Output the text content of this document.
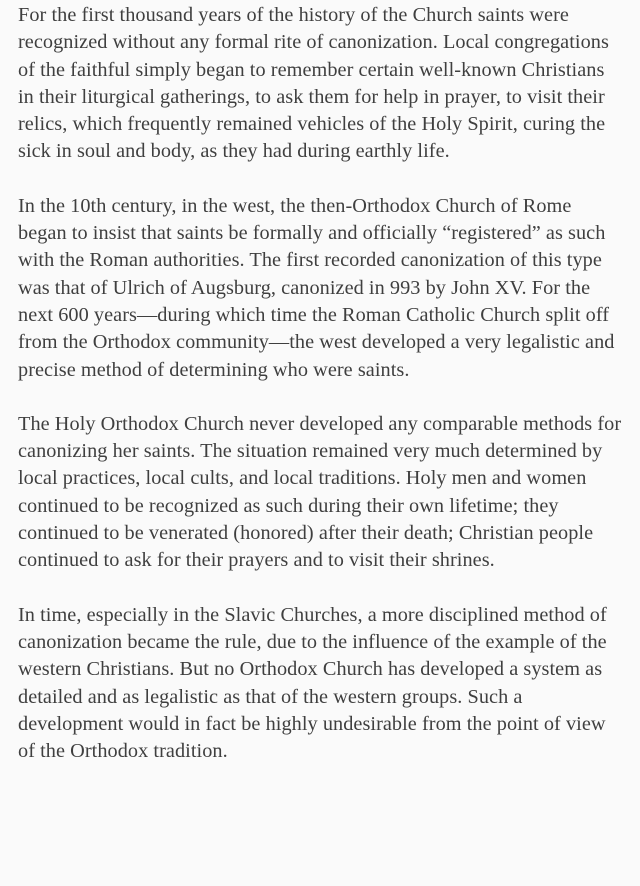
For the first thousand years of the history of the Church saints were recognized without any formal rite of canonization. Local congregations of the faithful simply began to remember certain well-known Christians in their liturgical gatherings, to ask them for help in prayer, to visit their relics, which frequently remained vehicles of the Holy Spirit, curing the sick in soul and body, as they had during earthly life.

In the 10th century, in the west, the then-Orthodox Church of Rome began to insist that saints be formally and officially “registered” as such with the Roman authorities. The first recorded canonization of this type was that of Ulrich of Augsburg, canonized in 993 by John XV. For the next 600 years—during which time the Roman Catholic Church split off from the Orthodox community—the west developed a very legalistic and precise method of determining who were saints.

The Holy Orthodox Church never developed any comparable methods for canonizing her saints. The situation remained very much determined by local practices, local cults, and local traditions. Holy men and women continued to be recognized as such during their own lifetime; they continued to be venerated (honored) after their death; Christian people continued to ask for their prayers and to visit their shrines.

In time, especially in the Slavic Churches, a more disciplined method of canonization became the rule, due to the influence of the example of the western Christians. But no Orthodox Church has developed a system as detailed and as legalistic as that of the western groups. Such a development would in fact be highly undesirable from the point of view of the Orthodox tradition.
